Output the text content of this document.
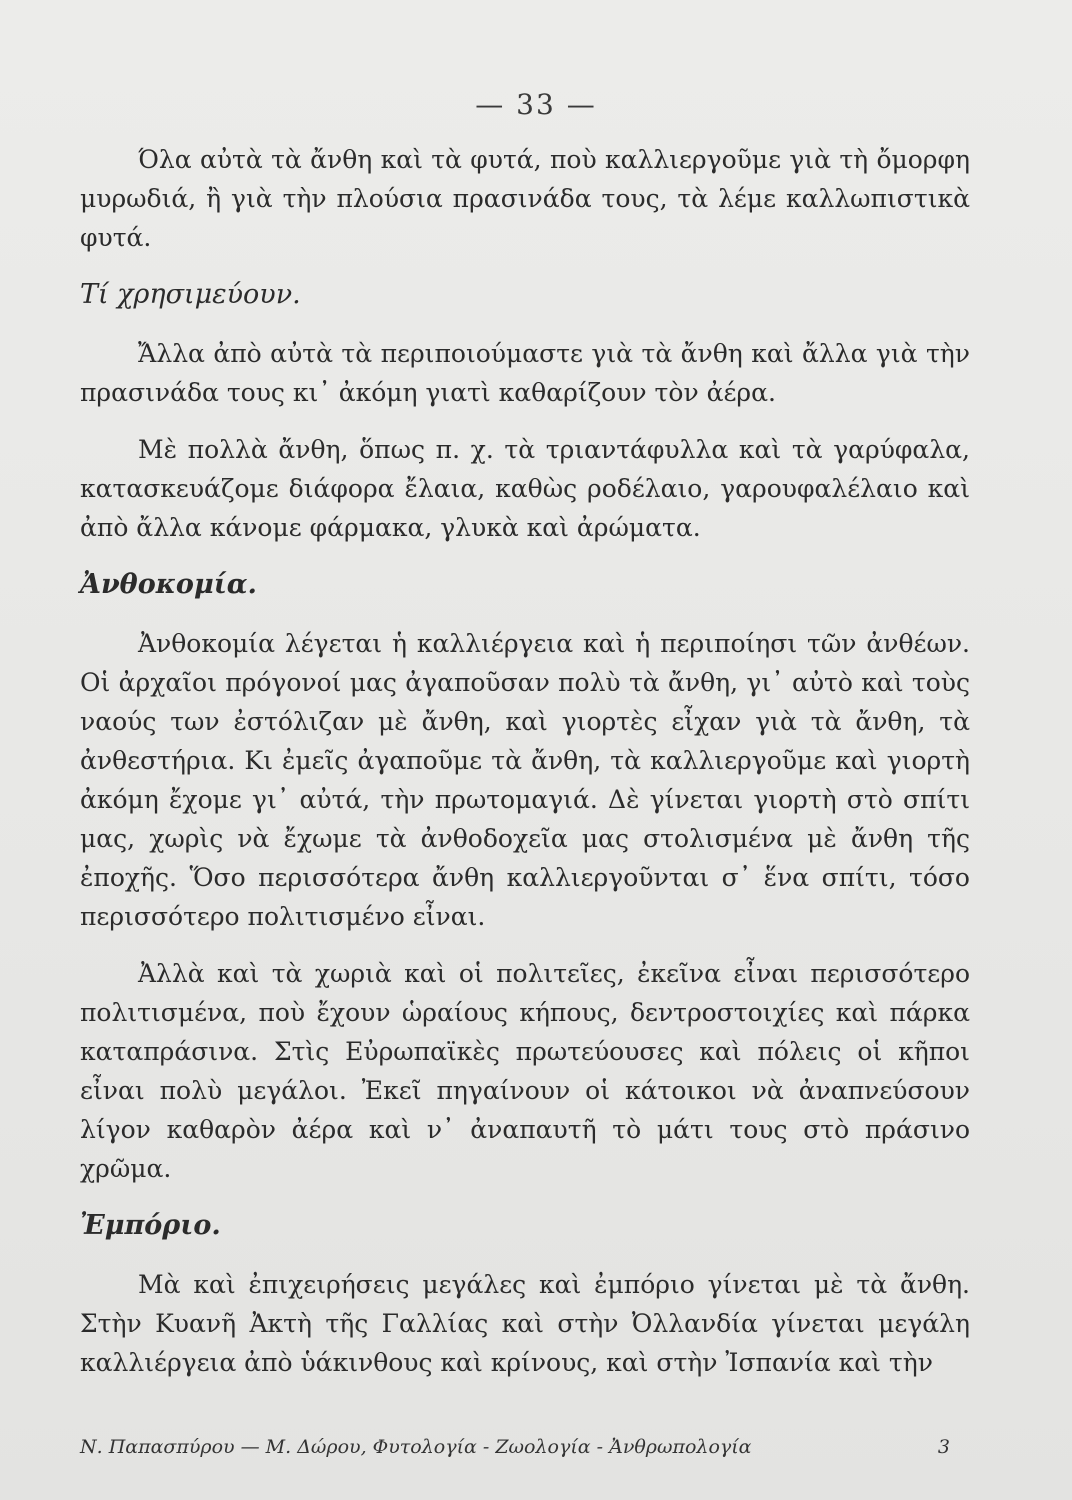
— 33 —

Όλα αὐτὰ τὰ ἄνθη καὶ τὰ φυτά, ποὺ καλλιεργοῦμε γιὰ τὴ ὄμορφη μυρωδιά, ἢ γιὰ τὴν πλούσια πρασινάδα τους, τὰ λέμε καλλωπιστικὰ φυτά.

Τί χρησιμεύουν.

Ἄλλα ἀπὸ αὐτὰ τὰ περιποιούμαστε γιὰ τὰ ἄνθη καὶ ἄλλα γιὰ τὴν πρασινάδα τους κι᾿ ἀκόμη γιατὶ καθαρίζουν τὸν ἀέρα.

Μὲ πολλὰ ἄνθη, ὅπως π. χ. τὰ τριαντάφυλλα καὶ τὰ γαρύφαλα, κατασκευάζομε διάφορα ἔλαια, καθὼς ροδέλαιο, γαρουφαλέλαιο καὶ ἀπὸ ἄλλα κάνομε φάρμακα, γλυκὰ καὶ ἀρώματα.

Ἀνθοκομία.

Ἀνθοκομία λέγεται ἡ καλλιέργεια καὶ ἡ περιποίησι τῶν ἀνθέων. Οἱ ἀρχαῖοι πρόγονοί μας ἀγαποῦσαν πολὺ τὰ ἄνθη, γι᾿ αὐτὸ καὶ τοὺς ναούς των ἐστόλιζαν μὲ ἄνθη, καὶ γιορτὲς εἶχαν γιὰ τὰ ἄνθη, τὰ ἀνθεστήρια. Κι ἐμεῖς ἀγαποῦμε τὰ ἄνθη, τὰ καλλιεργοῦμε καὶ γιορτὴ ἀκόμη ἔχομε γι᾿ αὐτά, τὴν πρωτομαγιά. Δὲ γίνεται γιορτὴ στὸ σπίτι μας, χωρὶς νὰ ἔχωμε τὰ ἀνθοδοχεῖα μας στολισμένα μὲ ἄνθη τῆς ἐποχῆς. Ὅσο περισσότερα ἄνθη καλλιεργοῦνται σ᾿ ἕνα σπίτι, τόσο περισσότερο πολιτισμένο εἶναι.

Ἀλλὰ καὶ τὰ χωριὰ καὶ οἱ πολιτεῖες, ἐκεῖνα εἶναι περισσότερο πολιτισμένα, ποὺ ἔχουν ὡραίους κήπους, δεντροστοιχίες καὶ πάρκα καταπράσινα. Στὶς Εὐρωπαϊκὲς πρωτεύουσες καὶ πόλεις οἱ κῆποι εἶναι πολὺ μεγάλοι. Ἐκεῖ πηγαίνουν οἱ κάτοικοι νὰ ἀναπνεύσουν λίγον καθαρὸν ἀέρα καὶ ν᾿ ἀναπαυτῆ τὸ μάτι τους στὸ πράσινο χρῶμα.

Ἐμπόριο.

Μὰ καὶ ἐπιχειρήσεις μεγάλες καὶ ἐμπόριο γίνεται μὲ τὰ ἄνθη. Στὴν Κυανῆ Ἀκτὴ τῆς Γαλλίας καὶ στὴν Ὀλλανδία γίνεται μεγάλη καλλιέργεια ἀπὸ ὑάκινθους καὶ κρίνους, καὶ στὴν Ἰσπανία καὶ τὴν

Ν. Παπασπύρου — Μ. Δώρου, Φυτολογία - Ζωολογία - Ἀνθρωπολογία	3
